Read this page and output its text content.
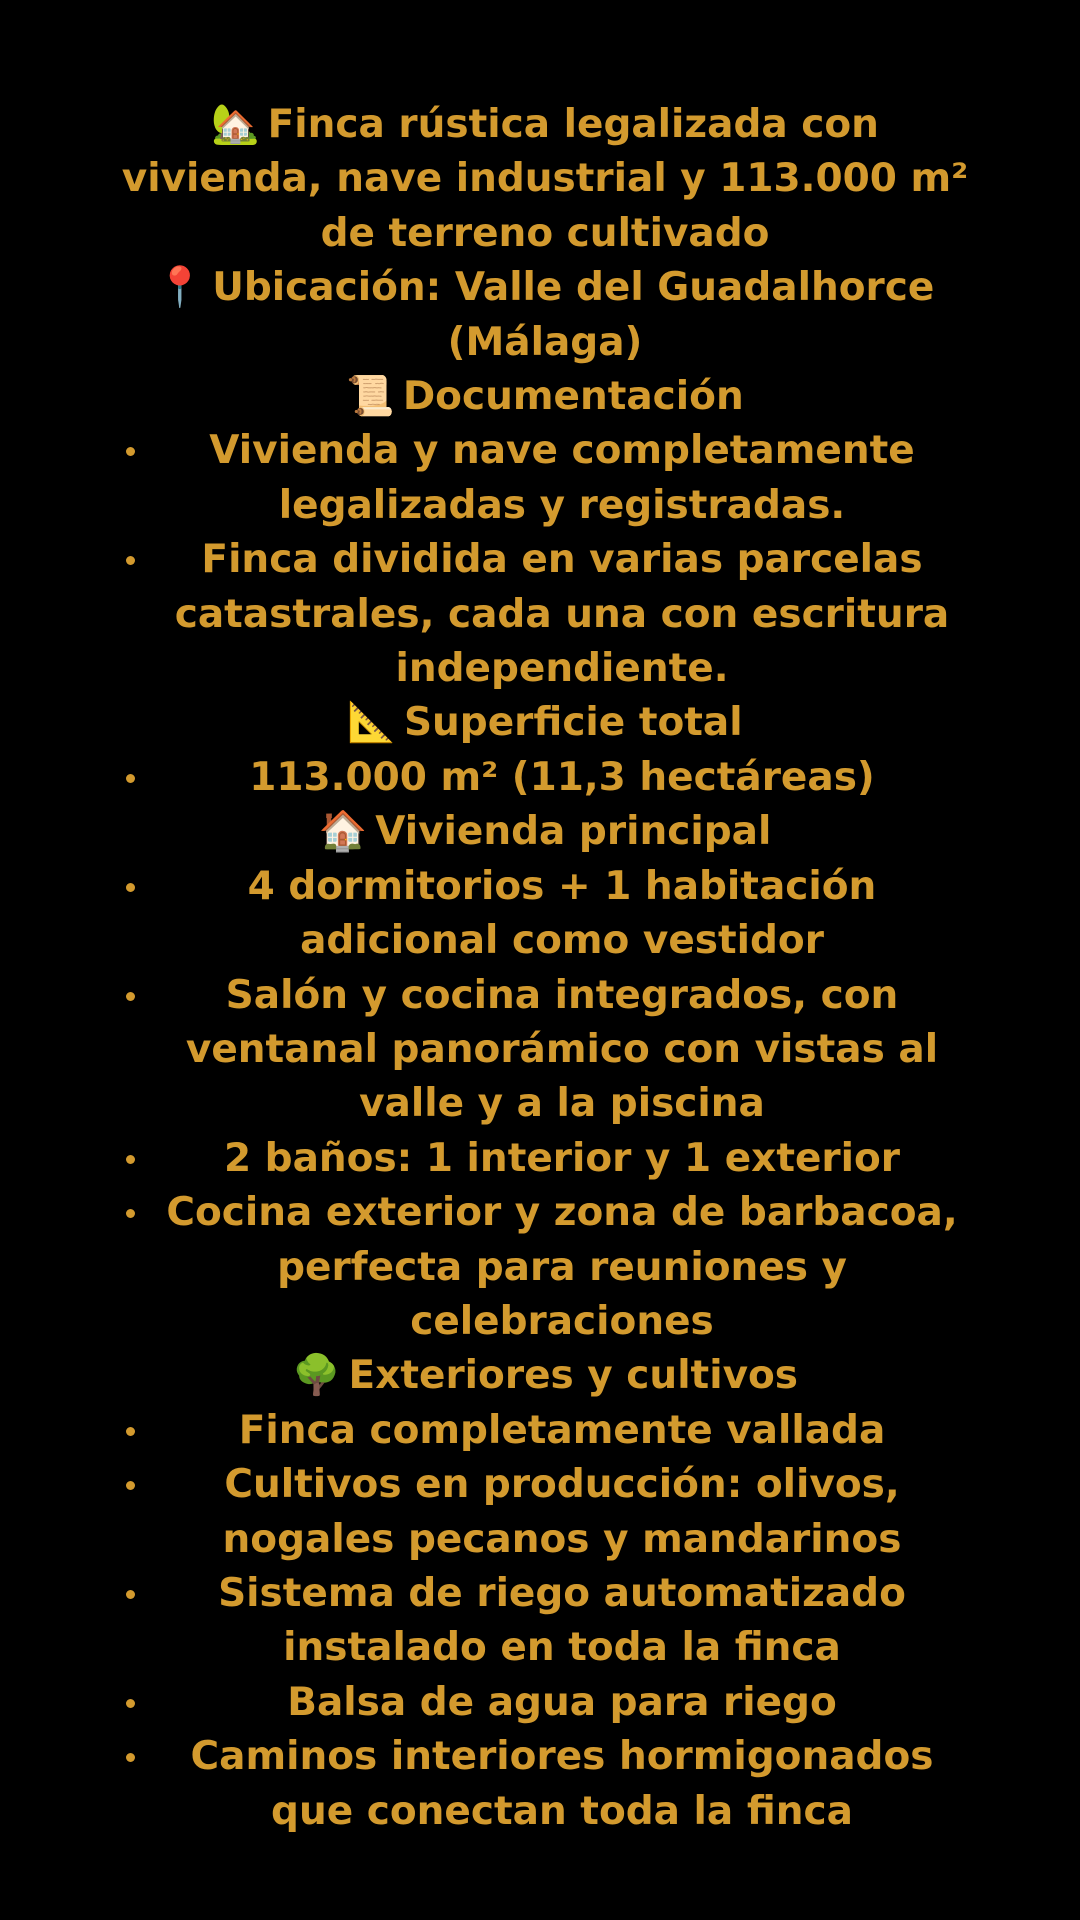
🏡 Finca rústica legalizada con vivienda, nave industrial y 113.000 m² de terreno cultivado

📍 Ubicación: Valle del Guadalhorce (Málaga)

📜 Documentación

Vivienda y nave completamente legalizadas y registradas.
Finca dividida en varias parcelas catastrales, cada una con escritura independiente.

📐 Superficie total

113.000 m² (11,3 hectáreas)

🏠 Vivienda principal

4 dormitorios + 1 habitación adicional como vestidor
Salón y cocina integrados, con ventanal panorámico con vistas al valle y a la piscina
2 baños: 1 interior y 1 exterior
Cocina exterior y zona de barbacoa, perfecta para reuniones y celebraciones

🌳 Exteriores y cultivos

Finca completamente vallada
Cultivos en producción: olivos, nogales pecanos y mandarinos
Sistema de riego automatizado instalado en toda la finca
Balsa de agua para riego
Caminos interiores hormigonados que conectan toda la finca
